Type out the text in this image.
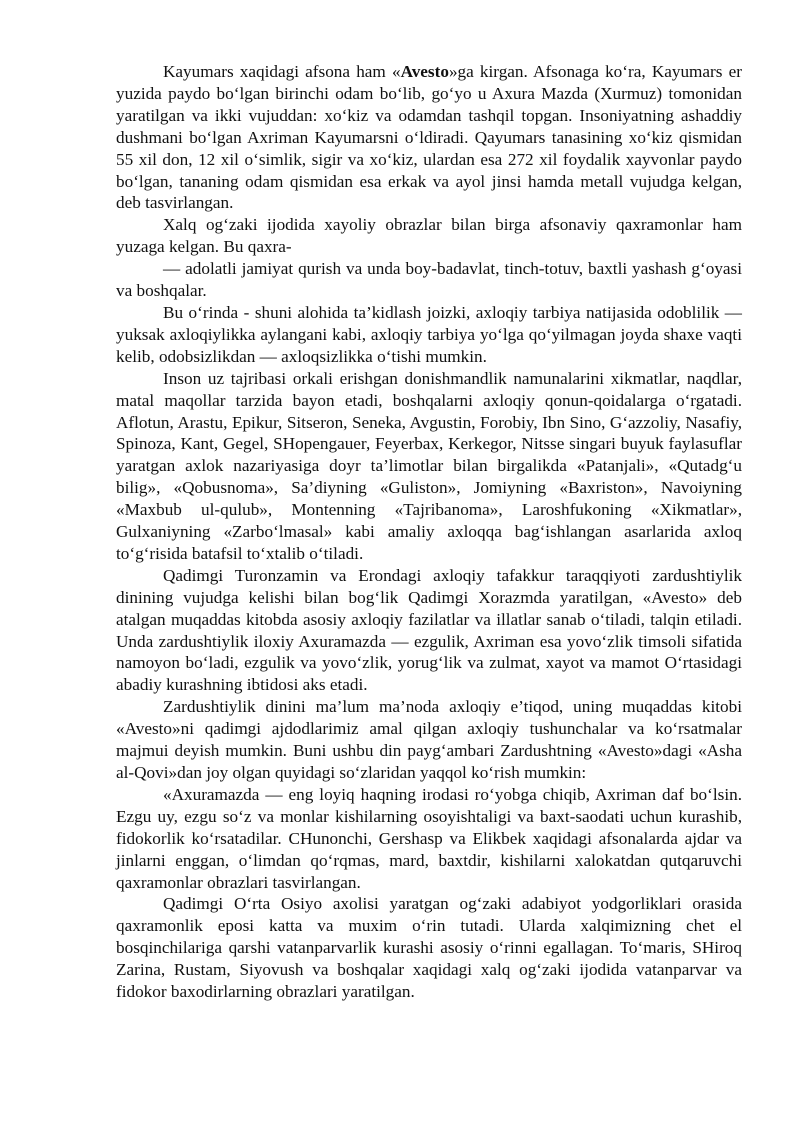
Kayumars xaqidagi afsona ham «Avesto»ga kirgan. Afsonaga ko‘ra, Kayumars er yuzida paydo bo‘lgan birinchi odam bo‘lib, go‘yo u Axura Mazda (Xurmuz) tomonidan yaratilgan va ikki vujuddan: xo‘kiz va odamdan tashqil topgan. Insoniyatning ashaddiy dushmani bo‘lgan Axriman Kayumarsni o‘ldiradi. Qayumars tanasining xo‘kiz qismidan 55 xil don, 12 xil o‘simlik, sigir va xo‘kiz, ulardan esa 272 xil foydalik xayvonlar paydo bo‘lgan, tananing odam qismidan esa erkak va ayol jinsi hamda metall vujudga kelgan, deb tasvirlangan.

Xalq og‘zaki ijodida xayoliy obrazlar bilan birga afsonaviy qaxramonlar ham yuzaga kelgan. Bu qaxra-

— adolatli jamiyat qurish va unda boy-badavlat, tinch-totuv, baxtli yashash g‘oyasi va boshqalar.

Bu o‘rinda - shuni alohida ta’kidlash joizki, axloqiy tarbiya natijasida odoblilik — yuksak axloqiylikka aylangani kabi, axloqiy tarbiya yo‘lga qo‘yilmagan joyda shaxe vaqti kelib, odobsizlikdan — axloqsizlikka o‘tishi mumkin.

Inson uz tajribasi orkali erishgan donishmandlik namunalarini xikmatlar, naqdlar, matal maqollar tarzida bayon etadi, boshqalarni axloqiy qonun-qoidalarga o‘rgatadi. Aflotun, Arastu, Epikur, Sitseron, Seneka, Avgustin, Forobiy, Ibn Sino, G‘azzoliy, Nasafiy, Spinoza, Kant, Gegel, SHopengauer, Feyerbax, Kerkegor, Nitsse singari buyuk faylasuflar yaratgan axlok nazariyasiga doyr ta’limotlar bilan birgalikda «Patanjali», «Qutadg‘u bilig», «Qobusnoma», Sa’diyning «Guliston», Jomiyning «Baxriston», Navoiyning «Maxbub ul-qulub», Montenning «Tajribanoma», Laroshfukoning «Xikmatlar», Gulxaniyning «Zarbo‘lmasal» kabi amaliy axloqqa bag‘ishlangan asarlarida axloq to‘g‘risida batafsil to‘xtalib o‘tiladi.

Qadimgi Turonzamin va Erondagi axloqiy tafakkur taraqqiyoti zardushtiylik dinining vujudga kelishi bilan bog‘lik Qadimgi Xorazmda yaratilgan, «Avesto» deb atalgan muqaddas kitobda asosiy axloqiy fazilatlar va illatlar sanab o‘tiladi, talqin etiladi. Unda zardushtiylik iloxiy Axuramazda — ezgulik, Axriman esa yovo‘zlik timsoli sifatida namoyon bo‘ladi, ezgulik va yovo‘zlik, yorug‘lik va zulmat, xayot va mamot O‘rtasidagi abadiy kurashning ibtidosi aks etadi.

Zardushtiylik dinini ma’lum ma’noda axloqiy e’tiqod, uning muqaddas kitobi «Avesto»ni qadimgi ajdodlarimiz amal qilgan axloqiy tushunchalar va ko‘rsatmalar majmui deyish mumkin. Buni ushbu din payg‘ambari Zardushtning «Avesto»dagi «Asha al-Qovi»dan joy olgan quyidagi so‘zlaridan yaqqol ko‘rish mumkin:

«Axuramazda — eng loyiq haqning irodasi ro‘yobga chiqib, Axriman daf bo‘lsin. Ezgu uy, ezgu so‘z va monlar kishilarning osoyishtaligi va baxt-saodati uchun kurashib, fidokorlik ko‘rsatadilar. CHunonchi, Gershasp va Elikbek xaqidagi afsonalarda ajdar va jinlarni enggan, o‘limdan qo‘rqmas, mard, baxtdir, kishilarni xalokatdan qutqaruvchi qaxramonlar obrazlari tasvirlangan.

Qadimgi O‘rta Osiyo axolisi yaratgan og‘zaki adabiyot yodgorliklari orasida qaxramonlik eposi katta va muxim o‘rin tutadi. Ularda xalqimizning chet el bosqinchilariga qarshi vatanparvarlik kurashi asosiy o‘rinni egallagan. To‘maris, SHiroq Zarina, Rustam, Siyovush va boshqalar xaqidagi xalq og‘zaki ijodida vatanparvar va fidokor baxodirlarning obrazlari yaratilgan.
